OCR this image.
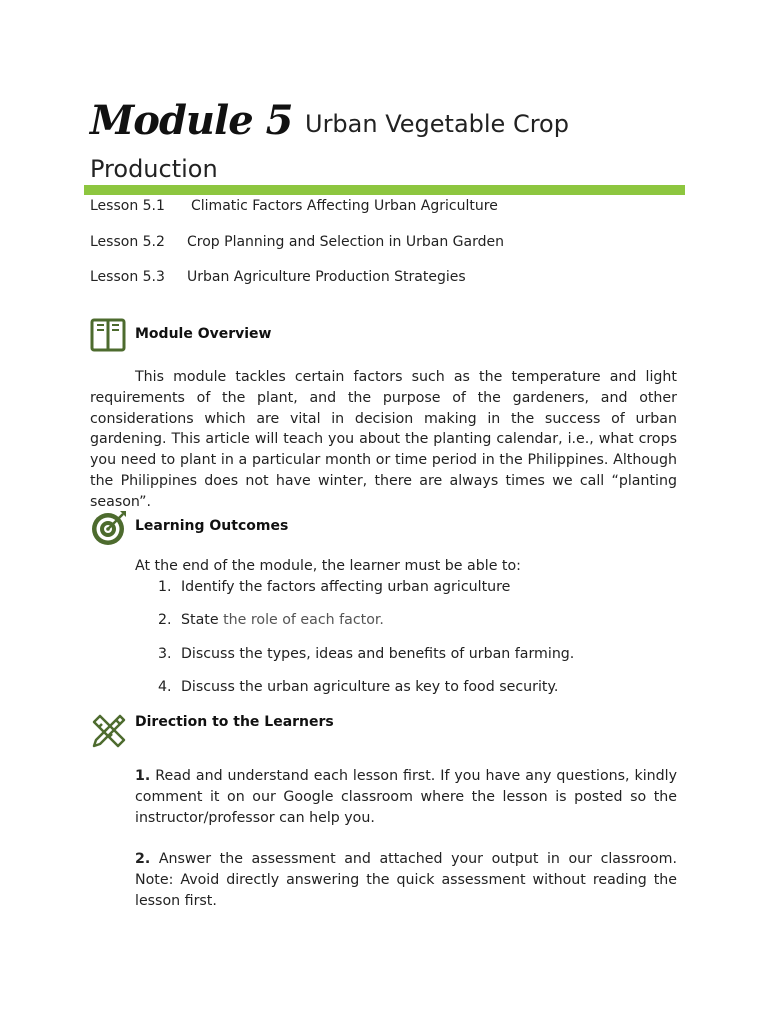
Module 5 Urban Vegetable Crop
Production
Lesson 5.1 Climatic Factors Affecting Urban Agriculture
Lesson 5.2 Crop Planning and Selection in Urban Garden
Lesson 5.3 Urban Agriculture Production Strategies
Module Overview
This module tackles certain factors such as the temperature and light requirements of the plant, and the purpose of the gardeners, and other considerations which are vital in decision making in the success of urban gardening. This article will teach you about the planting calendar, i.e., what crops you need to plant in a particular month or time period in the Philippines. Although the Philippines does not have winter, there are always times we call “planting season”.
Learning Outcomes
At the end of the module, the learner must be able to:
1. Identify the factors affecting urban agriculture
2. State the role of each factor.
3. Discuss the types, ideas and benefits of urban farming.
4. Discuss the urban agriculture as key to food security.
Direction to the Learners
1. Read and understand each lesson first. If you have any questions, kindly comment it on our Google classroom where the lesson is posted so the instructor/professor can help you.
2. Answer the assessment and attached your output in our classroom. Note: Avoid directly answering the quick assessment without reading the lesson first.
